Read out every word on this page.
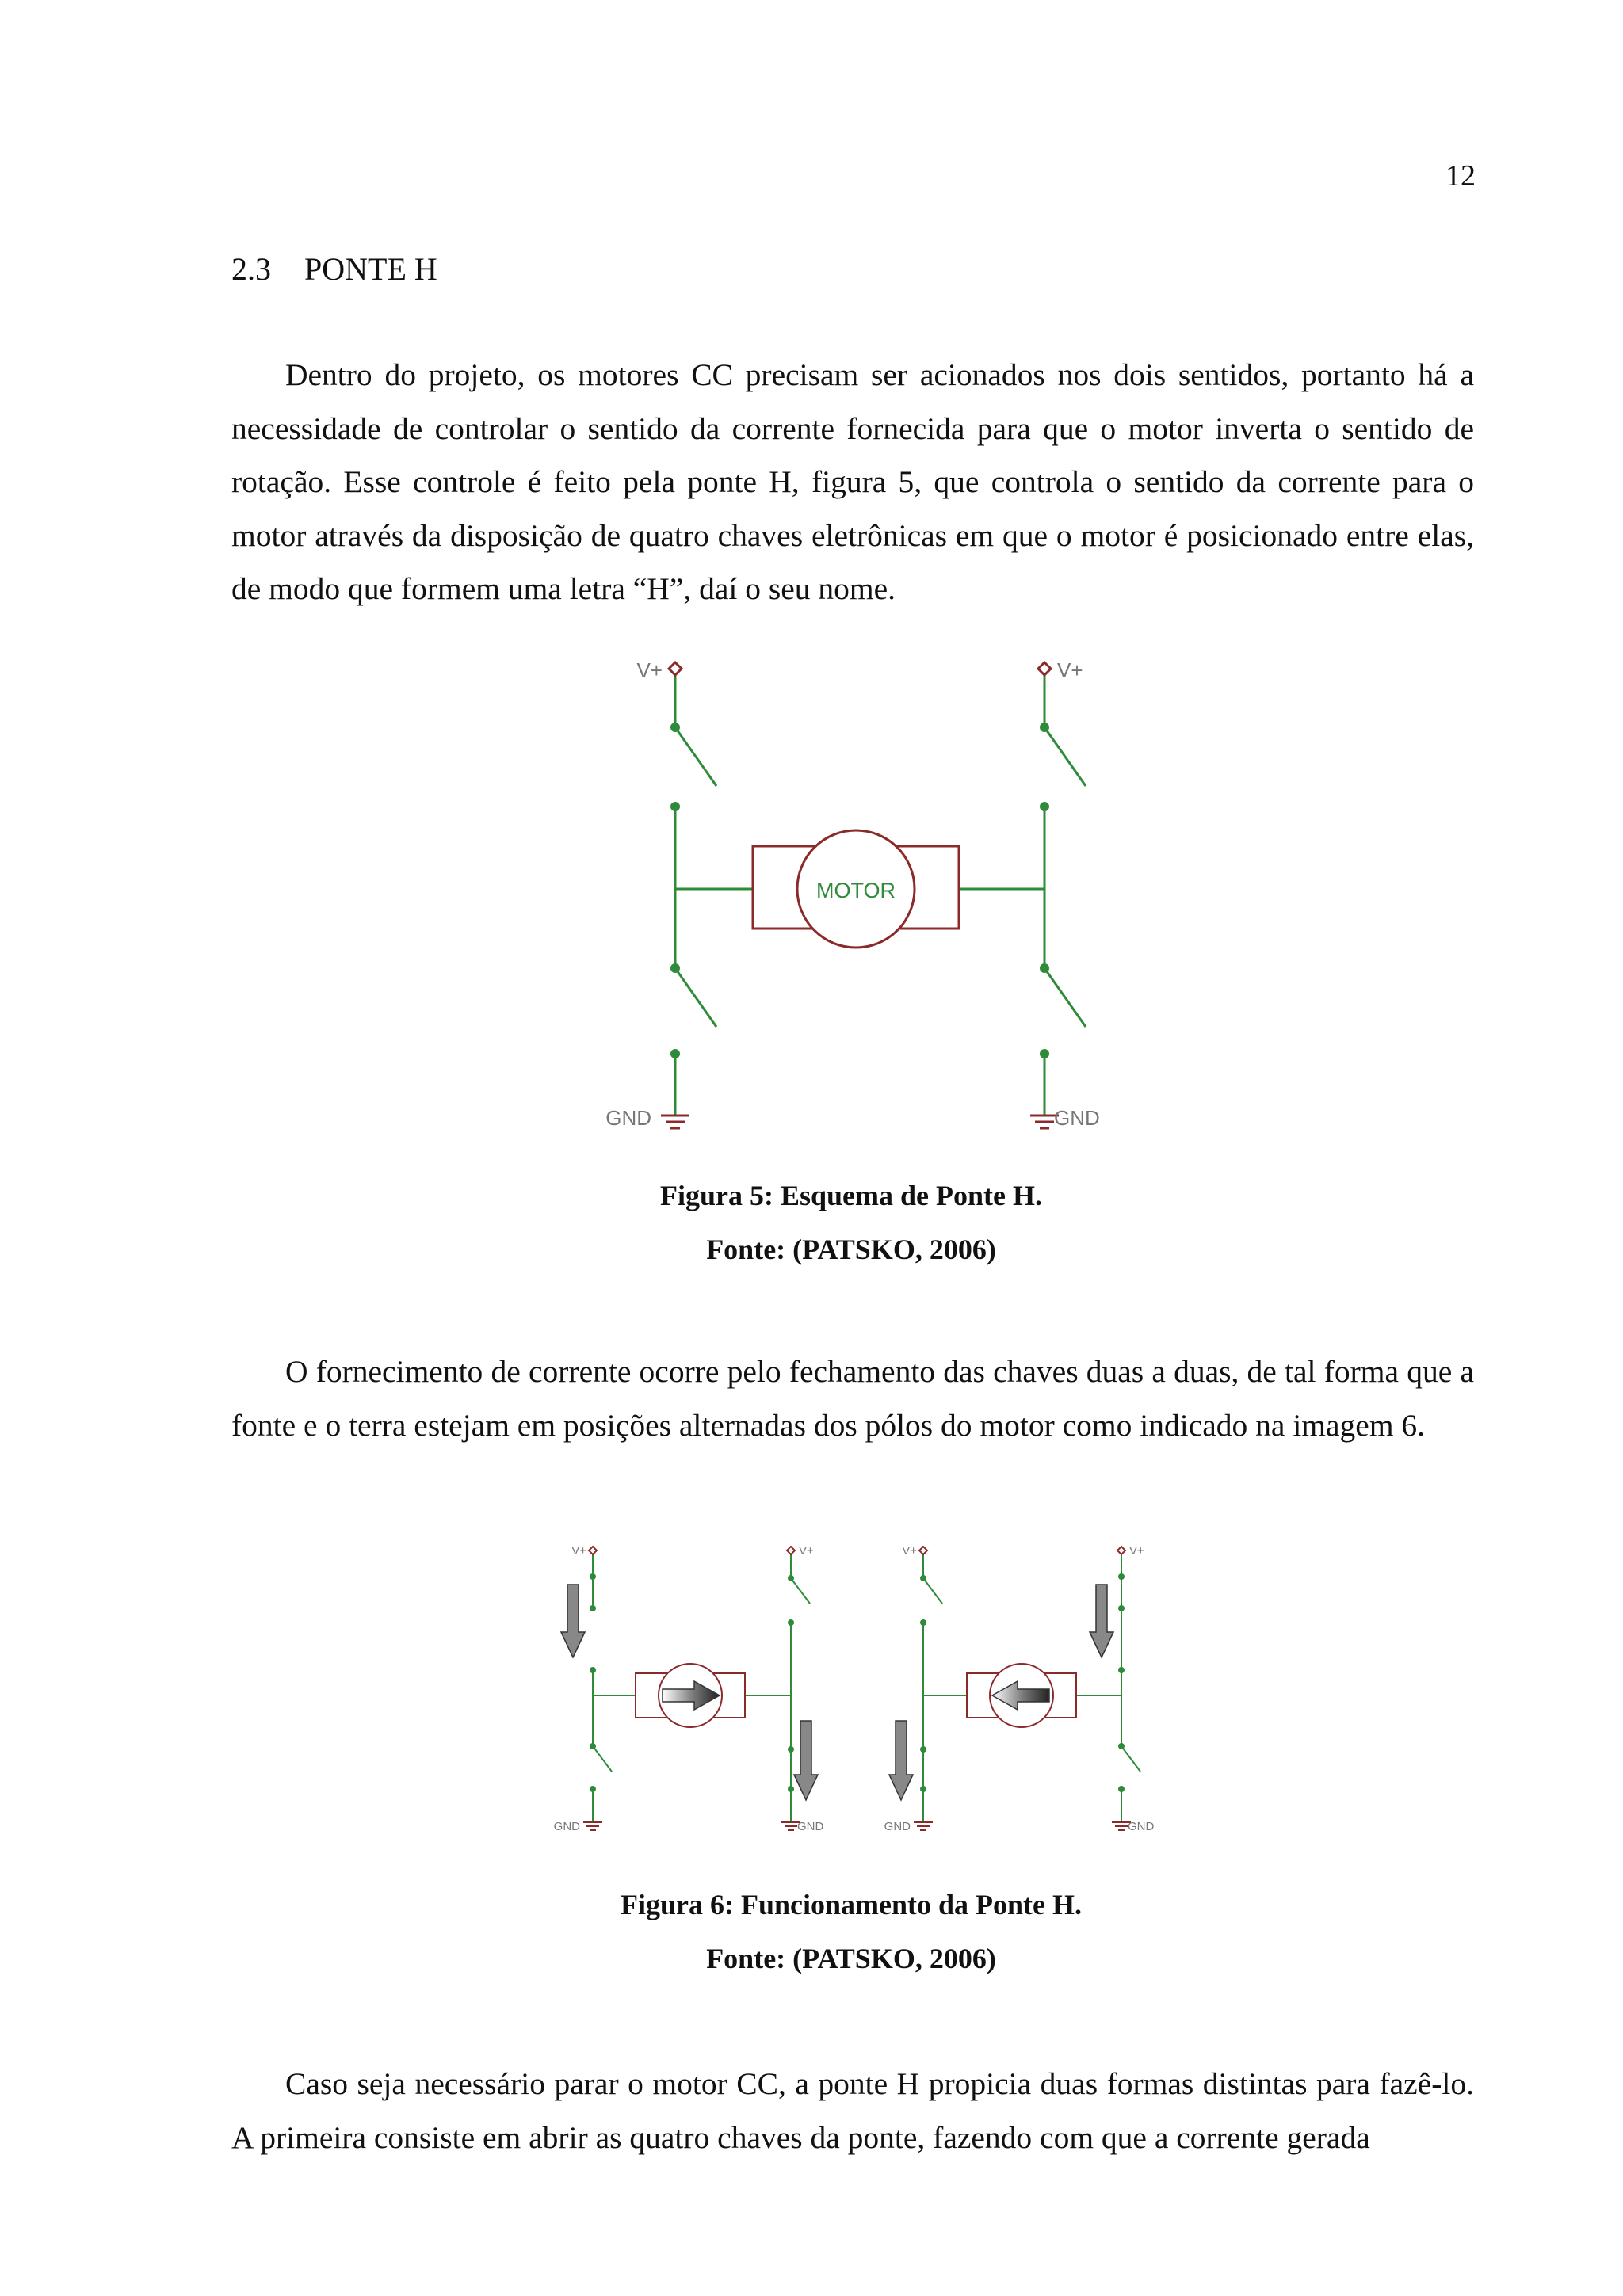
12
2.3 PONTE H

Dentro do projeto, os motores CC precisam ser acionados nos dois sentidos, portanto há a necessidade de controlar o sentido da corrente fornecida para que o motor inverta o sentido de rotação. Esse controle é feito pela ponte H, figura 5, que controla o sentido da corrente para o motor através da disposição de quatro chaves eletrônicas em que o motor é posicionado entre elas, de modo que formem uma letra “H”, daí o seu nome.

MOTOR
V+	V+
GND	GND
Figura 5: Esquema de Ponte H.
Fonte: (PATSKO, 2006)

O fornecimento de corrente ocorre pelo fechamento das chaves duas a duas, de tal forma que a fonte e o terra estejam em posições alternadas dos pólos do motor como indicado na imagem 6.

V+	V+
GND	GND
V+	V+
GND	GND
Figura 6: Funcionamento da Ponte H.
Fonte: (PATSKO, 2006)

Caso seja necessário parar o motor CC, a ponte H propicia duas formas distintas para fazê-lo. A primeira consiste em abrir as quatro chaves da ponte, fazendo com que a corrente gerada
